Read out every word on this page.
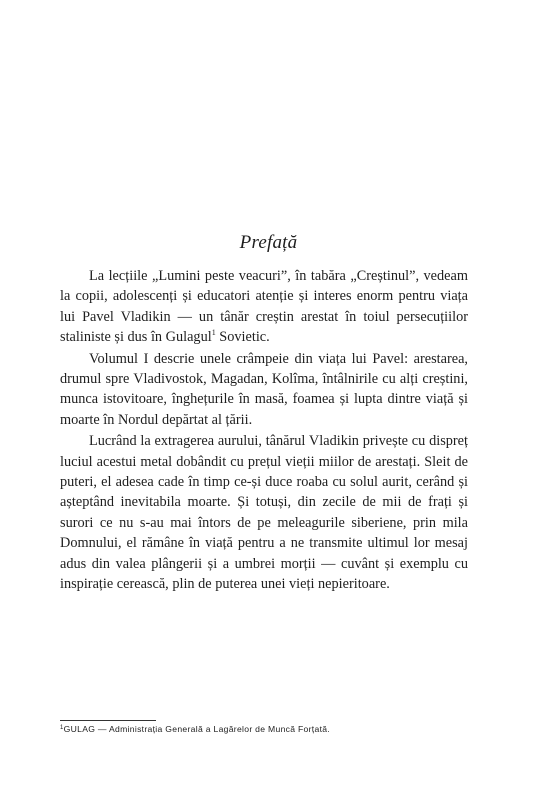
Prefață

La lecțiile „Lumini peste veacuri”, în tabăra „Creștinul”, vedeam la copii, adolescenți și educatori atenție și interes enorm pentru viața lui Pavel Vladikin — un tânăr creștin arestat în toiul persecuțiilor staliniste și dus în Gulagul$^1$ Sovietic.

Volumul I descrie unele crâmpeie din viața lui Pavel: arestarea, drumul spre Vladivostok, Magadan, Kolîma, întâlnirile cu alți creștini, munca istovitoare, înghețurile în masă, foamea și lupta dintre viață și moarte în Nordul depărtat al țării.

Lucrând la extragerea aurului, tânărul Vladikin privește cu dispreț luciul acestui metal dobândit cu prețul vieții miilor de arestați. Sleit de puteri, el adesea cade în timp ce-și duce roaba cu solul aurit, cerând și așteptând inevitabila moarte. Și totuși, din zecile de mii de frați și surori ce nu s-au mai întors de pe meleagurile siberiene, prin mila Domnului, el rămâne în viață pentru a ne transmite ultimul lor mesaj adus din valea plângerii și a umbrei morții — cuvânt și exemplu cu inspirație cerească, plin de puterea unei vieți nepieritoare.

$^1$GULAG — Administrația Generală a Lagărelor de Muncă Forțată.
